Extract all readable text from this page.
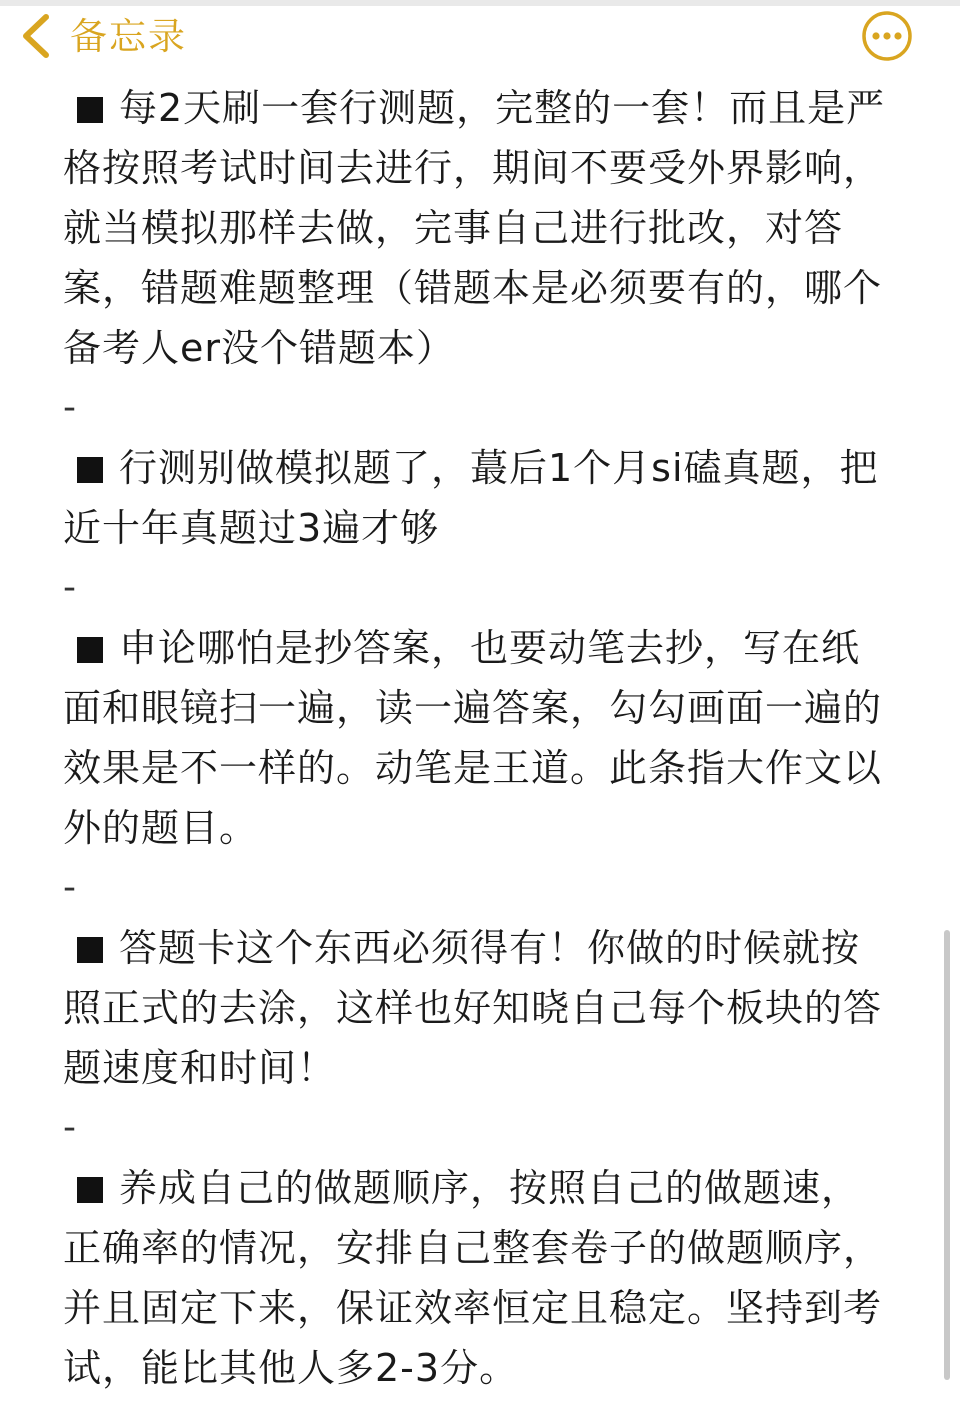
备忘录

每2天刷一套行测题，完整的一套！而且是严格按照考试时间去进行，期间不要受外界影响，就当模拟那样去做，完事自己进行批改，对答案，错题难题整理（错题本是必须要有的，哪个备考人er没个错题本）

-

行测别做模拟题了，蕞后1个月si磕真题，把近十年真题过3遍才够

-

申论哪怕是抄答案，也要动笔去抄，写在纸面和眼镜扫一遍，读一遍答案，勾勾画面一遍的效果是不一样的。动笔是王道。此条指大作文以外的题目。

-

答题卡这个东西必须得有！你做的时候就按照正式的去涂，这样也好知晓自己每个板块的答题速度和时间！

-

养成自己的做题顺序，按照自己的做题速，正确率的情况，安排自己整套卷子的做题顺序，并且固定下来，保证效率恒定且稳定。坚持到考试，能比其他人多2-3分。
